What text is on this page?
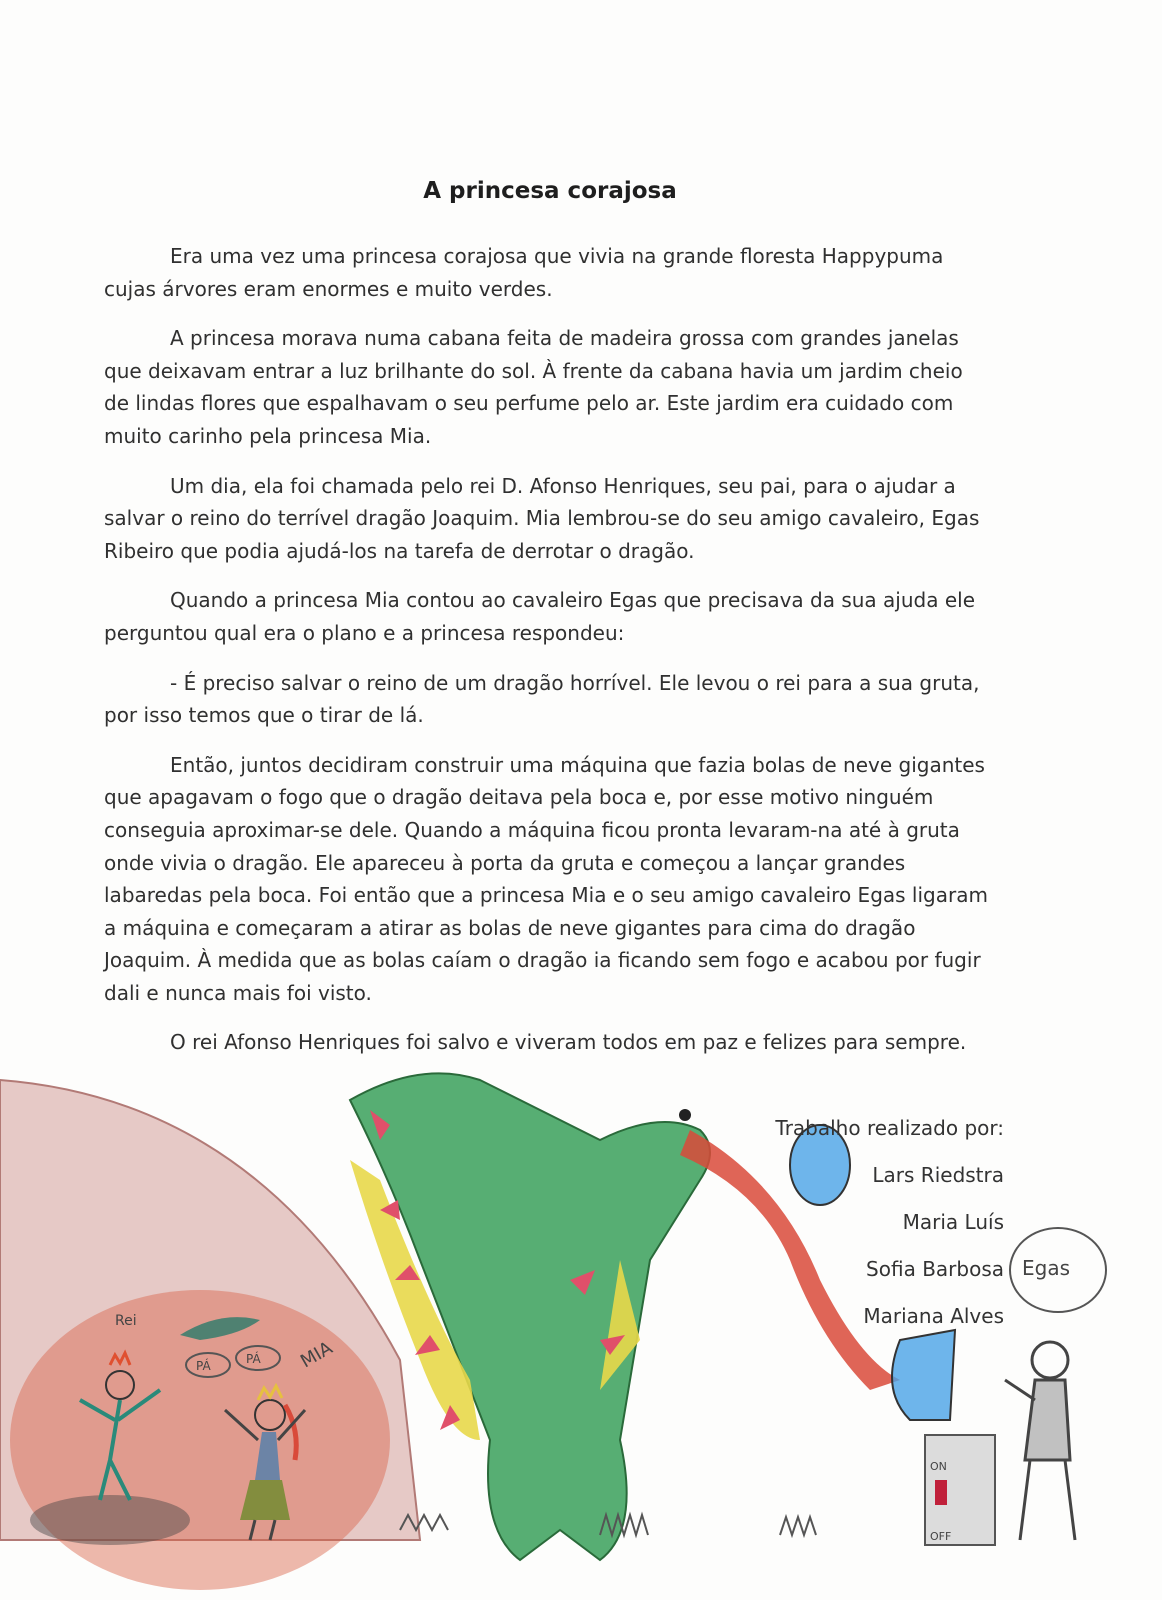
A princesa corajosa

Era uma vez uma princesa corajosa que vivia na grande floresta Happypuma cujas árvores eram enormes e muito verdes.

A princesa morava numa cabana feita de madeira grossa com grandes janelas que deixavam entrar a luz brilhante do sol. À frente da cabana havia um jardim cheio de lindas flores que espalhavam o seu perfume pelo ar. Este jardim era cuidado com muito carinho pela princesa Mia.

Um dia, ela foi chamada pelo rei D. Afonso Henriques, seu pai, para o ajudar a salvar o reino do terrível dragão Joaquim. Mia lembrou-se do seu amigo cavaleiro, Egas Ribeiro que podia ajudá-los na tarefa de derrotar o dragão.

Quando a princesa Mia contou ao cavaleiro Egas que precisava da sua ajuda ele perguntou qual era o plano e a princesa respondeu:

- É preciso salvar o reino de um dragão horrível. Ele levou o rei para a sua gruta, por isso temos que o tirar de lá.

Então, juntos decidiram construir uma máquina que fazia bolas de neve gigantes que apagavam o fogo que o dragão deitava pela boca e, por esse motivo ninguém conseguia aproximar-se dele. Quando a máquina ficou pronta levaram-na até à gruta onde vivia o dragão. Ele apareceu à porta da gruta e começou a lançar grandes labaredas pela boca. Foi então que a princesa Mia e o seu amigo cavaleiro Egas ligaram a máquina e começaram a atirar as bolas de neve gigantes para cima do dragão Joaquim. À medida que as bolas caíam o dragão ia ficando sem fogo e acabou por fugir dali e nunca mais foi visto.

O rei Afonso Henriques foi salvo e viveram todos em paz e felizes para sempre.

Rei
MIA
PÁ	PÁ
ON
OFF
Egas
Trabalho realizado por:
Lars Riedstra
Maria Luís
Sofia Barbosa
Mariana Alves
